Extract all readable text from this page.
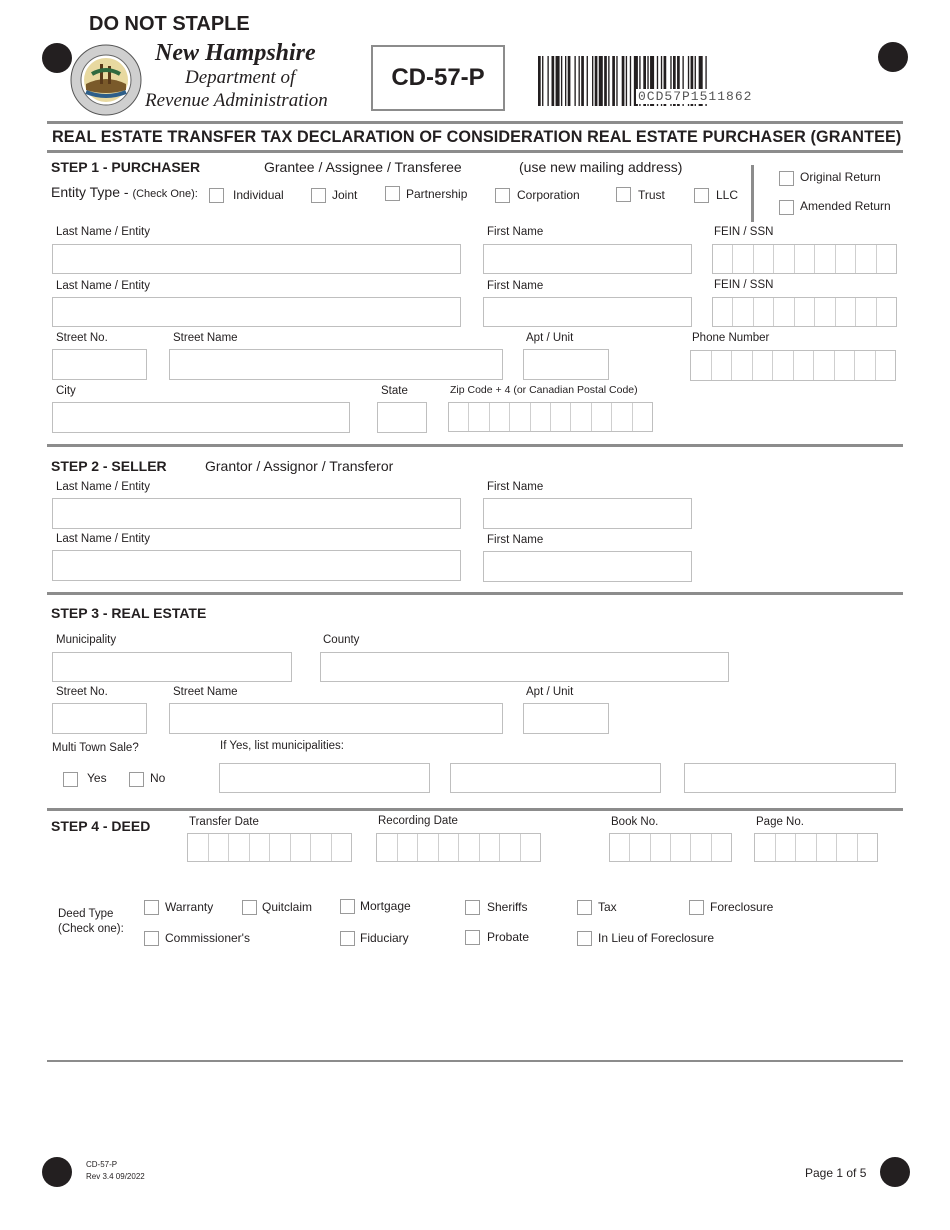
DO NOT STAPLE
New Hampshire
Department of
Revenue Administration
CD-57-P
0CD57P1511862
REAL ESTATE TRANSFER TAX DECLARATION OF CONSIDERATION REAL ESTATE PURCHASER (GRANTEE)
STEP 1 - PURCHASER	Grantee / Assignee / Transferee	(use new mailing address)
Entity Type - (Check One):	Individual	Joint	Partnership	Corporation	Trust	LLC
Original Return
Amended Return
Last Name / Entity	First Name	FEIN / SSN
Last Name / Entity	First Name	FEIN / SSN
Street No.	Street Name	Apt / Unit	Phone Number
City	State	Zip Code + 4 (or Canadian Postal Code)
STEP 2 - SELLER	Grantor / Assignor / Transferor
Last Name / Entity	First Name
Last Name / Entity	First Name
STEP 3 - REAL ESTATE
Municipality	County
Street No.	Street Name	Apt / Unit
Multi Town Sale?	If Yes, list municipalities:
Yes	No
STEP 4 - DEED	Transfer Date	Recording Date	Book No.	Page No.
Deed Type
(Check one):
Warranty	Quitclaim	Mortgage	Sheriffs	Tax	Foreclosure
Commissioner's	Fiduciary	Probate	In Lieu of Foreclosure
CD-57-P
Rev 3.4 09/2022	Page 1 of 5
